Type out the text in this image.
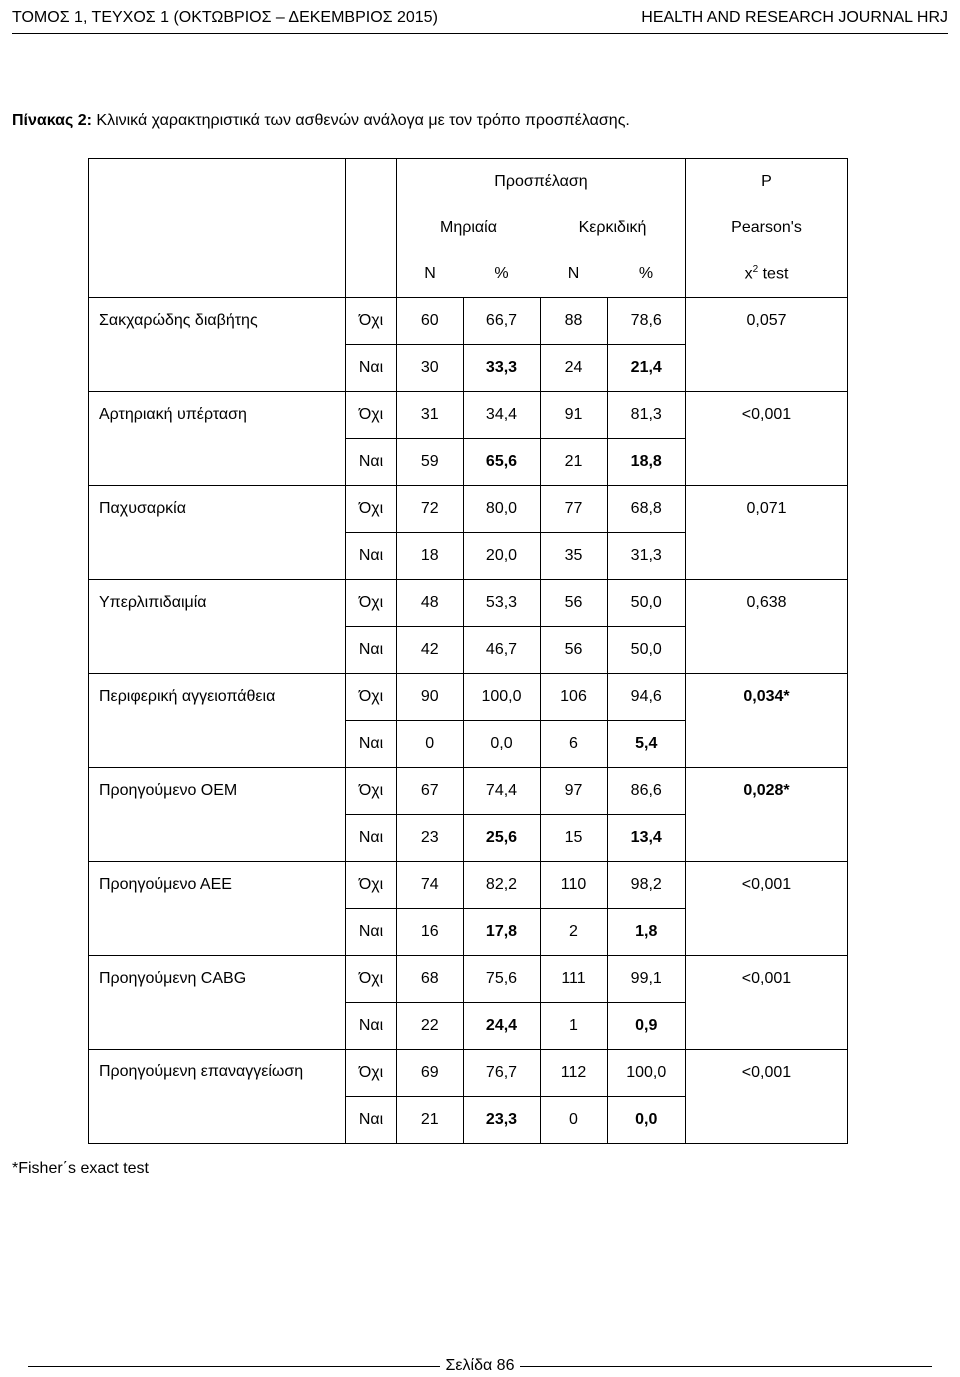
ΤΟΜΟΣ 1, ΤΕΥΧΟΣ 1 (ΟΚΤΩΒΡΙΟΣ – ΔΕΚΕΜΒΡΙΟΣ 2015)	HEALTH AND RESEARCH JOURNAL HRJ
Πίνακας 2: Κλινικά χαρακτηριστικά των ασθενών ανάλογα με τον τρόπο προσπέλασης.
		Προσπέλαση				P
		Μηριαία		Κερκιδική		Pearson's
		N	%	N	%	$x^2$ test
Σακχαρώδης διαβήτης	Όχι	60	66,7	88	78,6	0,057
	Ναι	30	33,3	24	21,4	
Αρτηριακή υπέρταση	Όχι	31	34,4	91	81,3	<0,001
	Ναι	59	65,6	21	18,8	
Παχυσαρκία	Όχι	72	80,0	77	68,8	0,071
	Ναι	18	20,0	35	31,3	
Υπερλιπιδαιμία	Όχι	48	53,3	56	50,0	0,638
	Ναι	42	46,7	56	50,0	
Περιφερική αγγειοπάθεια	Όχι	90	100,0	106	94,6	0,034*
	Ναι	0	0,0	6	5,4	
Προηγούμενο ΟΕΜ	Όχι	67	74,4	97	86,6	0,028*
	Ναι	23	25,6	15	13,4	
Προηγούμενο ΑΕΕ	Όχι	74	82,2	110	98,2	<0,001
	Ναι	16	17,8	2	1,8	
Προηγούμενη CABG	Όχι	68	75,6	111	99,1	<0,001
	Ναι	22	24,4	1	0,9	
Προηγούμενη επαναγγείωση	Όχι	69	76,7	112	100,0	<0,001
	Ναι	21	23,3	0	0,0	
*Fisher΄s exact test
Σελίδα 86
